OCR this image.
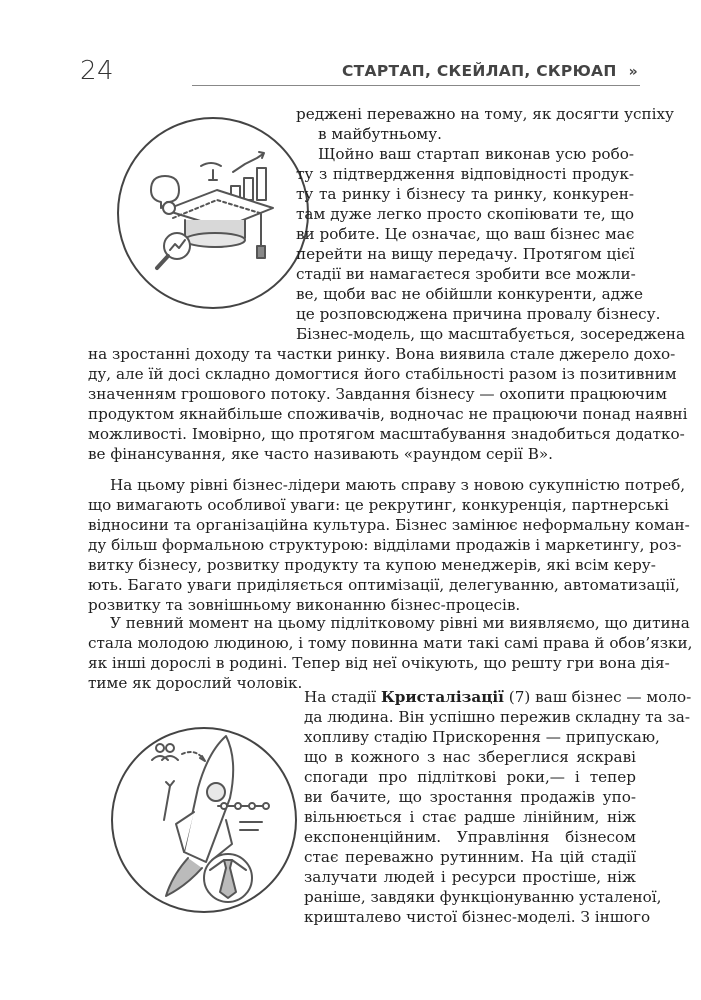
24	СТАРТАП, СКЕЙЛАП, СКРЮАП »
реджені переважно на тому, як досягти успіху
в майбутньому.
Щойно ваш стартап виконав усю робо-
ту з підтвердження відповідності продук-
ту та ринку і бізнесу та ринку, конкурен-
там дуже легко просто скопіювати те, що
ви робите. Це означає, що ваш бізнес має
перейти на вищу передачу. Протягом цієї
стадії ви намагаєтеся зробити все можли-
ве, щоби вас не обійшли конкуренти, адже
це розповсюджена причина провалу бізнесу.
Бізнес-модель, що масштабується, зосереджена
на зростанні доходу та частки ринку. Вона виявила стале джерело дохо-
ду, але їй досі складно домогтися його стабільності разом із позитивним
значенням грошового потоку. Завдання бізнесу — охопити працюючим
продуктом якнайбільше споживачів, водночас не працюючи понад наявні
можливості. Імовірно, що протягом масштабування знадобиться додатко-
ве фінансування, яке часто називають «раундом серії B».
На цьому рівні бізнес-лідери мають справу з новою сукупністю потреб,
що вимагають особливої уваги: це рекрутинг, конкуренція, партнерські
відносини та організаційна культура. Бізнес замінює неформальну коман-
ду більш формальною структурою: відділами продажів і маркетингу, роз-
витку бізнесу, розвитку продукту та купою менеджерів, які всім керу-
ють. Багато уваги приділяється оптимізації, делегуванню, автоматизації,
розвитку та зовнішньому виконанню бізнес-процесів.
У певний момент на цьому підлітковому рівні ми виявляємо, що дитина
стала молодою людиною, і тому повинна мати такі самі права й обов’язки,
як інші дорослі в родині. Тепер від неї очікують, що решту гри вона дія-
тиме як дорослий чоловік.
На стадії Кристалізації (7) ваш бізнес — моло-
да людина. Він успішно пережив складну та за-
хопливу стадію Прискорення — припускаю,
що в кожного з нас збереглися яскраві
спогади про підліткові роки,— і тепер
ви бачите, що зростання продажів упо-
вільнюється і стає радше лінійним, ніж
експоненційним. Управління бізнесом
стає переважно рутинним. На цій стадії
залучати людей і ресурси простіше, ніж
раніше, завдяки функціонуванню усталеної,
кришталево чистої бізнес-моделі. З іншого
